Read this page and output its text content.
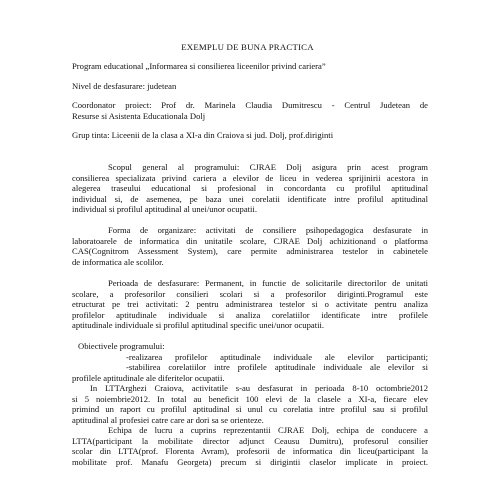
EXEMPLU DE BUNA PRACTICA
Program educational „Informarea si consilierea liceenilor privind cariera”
Nivel de desfasurare: judetean
Coordonator proiect: Prof dr. Marinela Claudia Dumitrescu - Centrul Judetean de
Resurse si Asistenta Educationala Dolj
Grup tinta: Liceenii de la clasa a XI-a din Craiova si jud. Dolj, prof.diriginti
Scopul general al programului: CJRAE Dolj asigura prin acest program
consilierea specializata privind cariera a elevilor de liceu in vederea sprijinirii acestora in
alegerea traseului educational si profesional in concordanta cu profilul aptitudinal
individual si, de asemenea, pe baza unei corelatii identificate intre profilul aptitudinal
individual si profilul aptitudinal al unei/unor ocupatii.
Forma de organizare: activitati de consiliere psihopedagogica desfasurate in
laboratoarele de informatica din unitatile scolare, CJRAE Dolj achizitionand o platforma
CAS(Cognitrom Assessment System), care permite administrarea testelor in cabinetele
de informatica ale scolilor.
Perioada de desfasurare: Permanent, in functie de solicitarile directorilor de unitati
scolare, a profesorilor consilieri scolari si a profesorilor diriginti.Programul este
etructurat pe trei activitati: 2 pentru administrarea testelor si o activitate pentru analiza
profilelor aptitudinale individuale si analiza corelatiilor identificate intre profilele
aptitudinale individuale si profilul aptitudinal specific unei/unor ocupatii.
Obiectivele programului:
-realizarea profilelor aptitudinale individuale ale elevilor participanti;
-stabilirea corelatiilor intre profilele aptitudinale individuale ale elevilor si
profilele aptitudinale ale diferitelor ocupatii.
In LTTArghezi Craiova, activitatile s-au desfasurat in perioada 8-10 octombrie2012
si 5 noiembrie2012. In total au beneficit 100 elevi de la clasele a XI-a, fiecare elev
primind un raport cu profilul aptitudinal si unul cu corelatia intre profilul sau si profilul
aptitudinal al profesiei catre care ar dori sa se orienteze.
Echipa de lucru a cuprins reprezentantii CJRAE Dolj, echipa de conducere a
LTTA(participant la mobilitate director adjunct Ceausu Dumitru), profesorul consilier
scolar din LTTA(prof. Florenta Avram), profesorii de informatica din liceu(participant la
mobilitate prof. Manafu Georgeta) precum si dirigintii claselor implicate in proiect.
